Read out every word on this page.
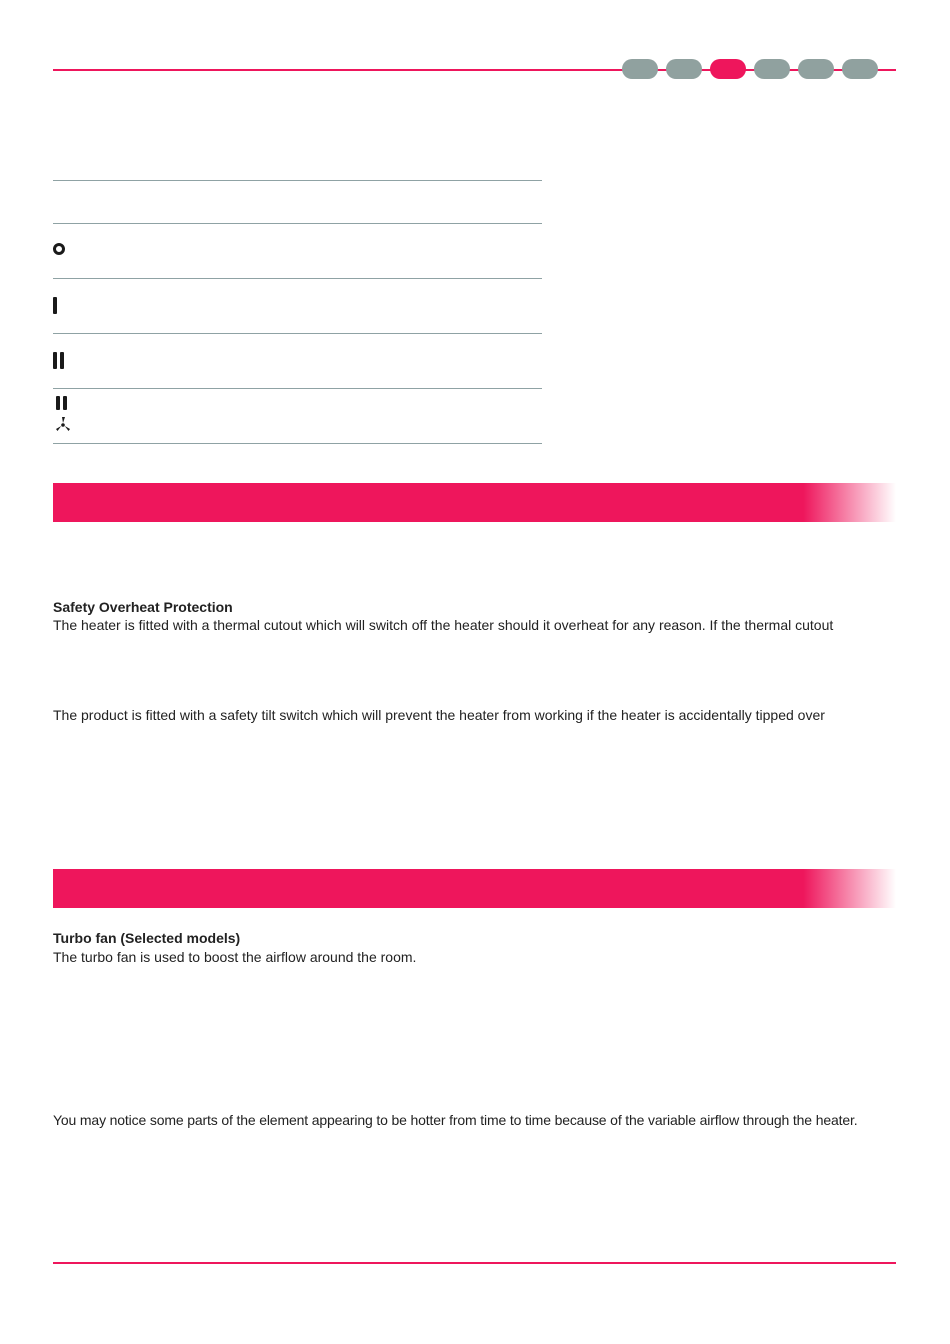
Safety Overheat Protection
The heater is fitted with a thermal cutout which will switch off the heater should it overheat for any reason. If the thermal cutout
The product is fitted with a safety tilt switch which will prevent the heater from working if the heater is accidentally tipped over
Turbo fan (Selected models)
The turbo fan is used to boost the airflow around the room.
You may notice some parts of the element appearing to be hotter from time to time because of the variable airflow through the heater.
